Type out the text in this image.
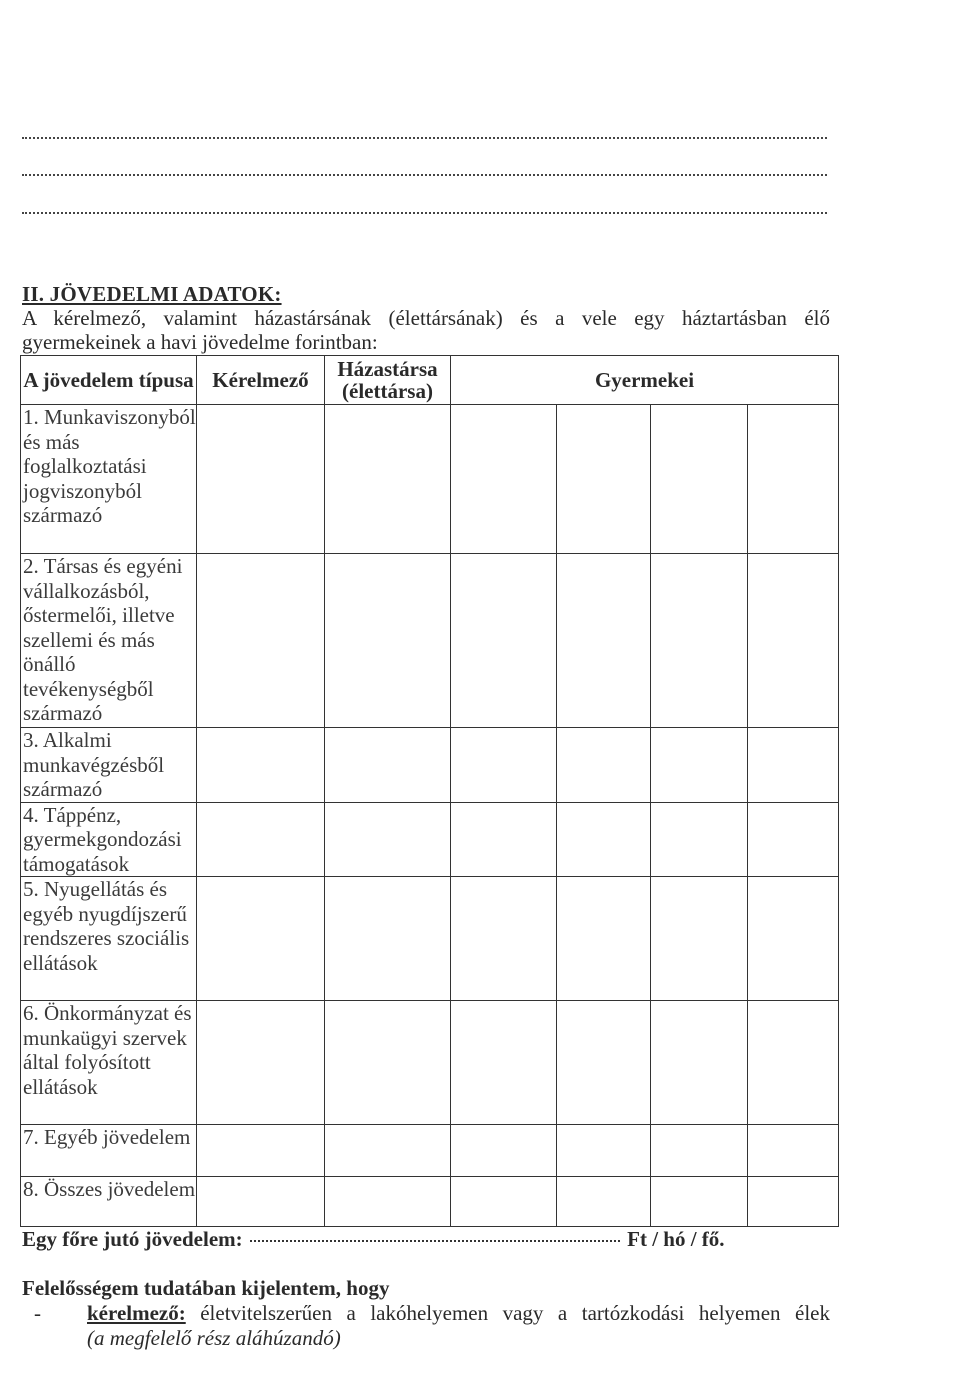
II. JÖVEDELMI ADATOK:
A kérelmező, valamint házastársának (élettársának) és a vele egy háztartásban élő
gyermekeinek a havi jövedelme forintban:
A jövedelem típusa	Kérelmező	Házastársa (élettársa)	Gyermekei			
1. Munkaviszonyból és más foglalkoztatási jogviszonyból származó						
2. Társas és egyéni vállalkozásból, őstermelői, illetve szellemi és más önálló tevékenységből származó						
3. Alkalmi munkavégzésből származó						
4. Táppénz, gyermekgondozási támogatások						
5. Nyugellátás és egyéb nyugdíjszerű rendszeres szociális ellátások						
6. Önkormányzat és munkaügyi szervek által folyósított ellátások						
7. Egyéb jövedelem						
8. Összes jövedelem						
Egy főre jutó jövedelem:	Ft / hó / fő.
Felelősségem tudatában kijelentem, hogy
- kérelmező: életvitelszerűen a lakóhelyemen vagy a tartózkodási helyemen élek
(a megfelelő rész aláhúzandó)
